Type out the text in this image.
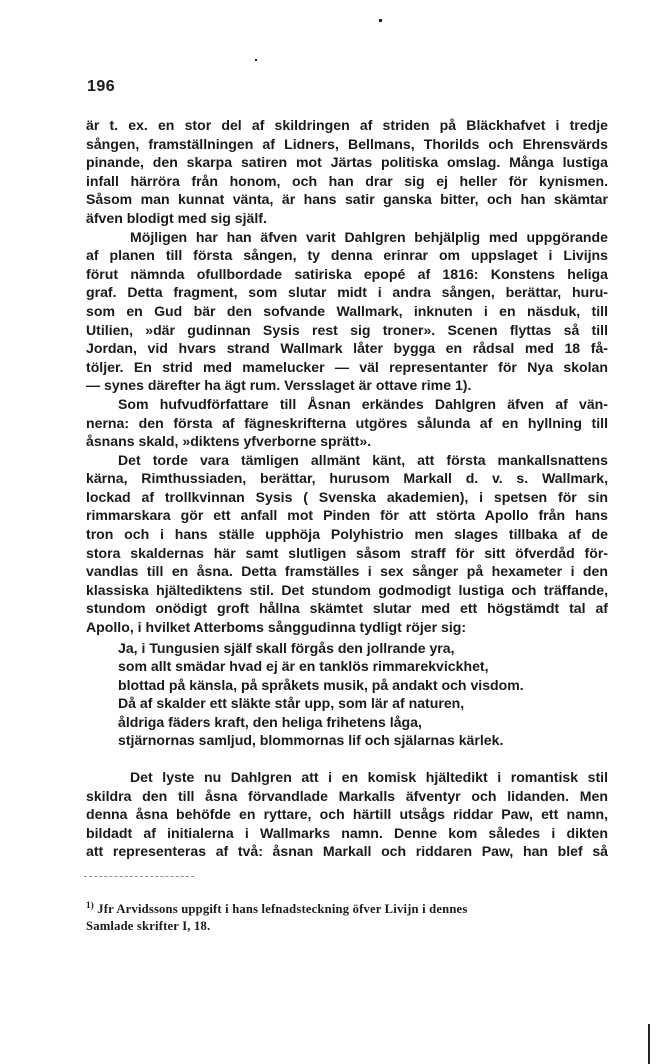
196
är t. ex. en stor del af skildringen af striden på Bläckhafvet i tredje
sången, framställningen af Lidners, Bellmans, Thorilds och Ehrensvärds
pinande, den skarpa satiren mot Järtas politiska omslag. Många lustiga
infall härröra från honom, och han drar sig ej heller för kynismen.
Såsom man kunnat vänta, är hans satir ganska bitter, och han skämtar
äfven blodigt med sig själf.
Möjligen har han äfven varit Dahlgren behjälplig med uppgörande
af planen till första sången, ty denna erinrar om uppslaget i Livijns
förut nämnda ofullbordade satiriska epopé af 1816: Konstens heliga
graf. Detta fragment, som slutar midt i andra sången, berättar, huru-
som en Gud bär den sofvande Wallmark, inknuten i en näsduk, till
Utilien, »där gudinnan Sysis rest sig troner». Scenen flyttas så till
Jordan, vid hvars strand Wallmark låter bygga en rådsal med 18 få-
töljer. En strid med mamelucker — väl representanter för Nya skolan
— synes därefter ha ägt rum. Versslaget är ottave rime 1).
Som hufvudförfattare till Åsnan erkändes Dahlgren äfven af vän-
nerna: den första af fägneskrifterna utgöres sålunda af en hyllning till
åsnans skald, »diktens yfverborne sprätt».
Det torde vara tämligen allmänt känt, att första mankallsnattens
kärna, Rimthussiaden, berättar, hurusom Markall d. v. s. Wallmark,
lockad af trollkvinnan Sysis ( Svenska akademien), i spetsen för sin
rimmarskara gör ett anfall mot Pinden för att störta Apollo från hans
tron och i hans ställe upphöja Polyhistrio men slages tillbaka af de
stora skaldernas här samt slutligen såsom straff för sitt öfverdåd för-
vandlas till en åsna. Detta framställes i sex sånger på hexameter i den
klassiska hjältediktens stil. Det stundom godmodigt lustiga och träffande,
stundom onödigt groft hållna skämtet slutar med ett högstämdt tal af
Apollo, i hvilket Atterboms sånggudinna tydligt röjer sig:
Ja, i Tungusien själf skall förgås den jollrande yra,
som allt smädar hvad ej är en tanklös rimmarekvickhet,
blottad på känsla, på språkets musik, på andakt och visdom.
Då af skalder ett släkte står upp, som lär af naturen,
åldriga fäders kraft, den heliga frihetens låga,
stjärnornas samljud, blommornas lif och själarnas kärlek.
Det lyste nu Dahlgren att i en komisk hjältedikt i romantisk stil
skildra den till åsna förvandlade Markalls äfventyr och lidanden. Men
denna åsna behöfde en ryttare, och härtill utsågs riddar Paw, ett namn,
bildadt af initialerna i Wallmarks namn. Denne kom således i dikten
att representeras af två: åsnan Markall och riddaren Paw, han blef så
$^{1)}$ Jfr Arvidssons uppgift i hans lefnadsteckning öfver Livijn i dennes
Samlade skrifter I, 18.
